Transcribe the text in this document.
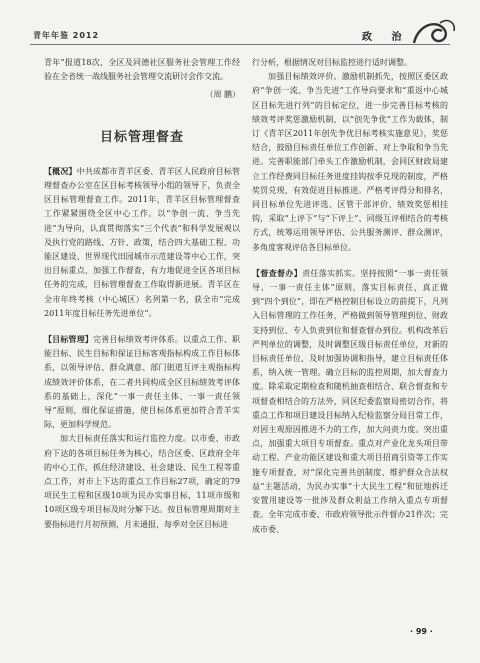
青年年鉴 2012	政 治

青年”报道18次，全区及同德社区服务社会管理工作经验在全省统一战线服务社会管理交流研讨会作交流。

（周 鹏）

目标管理督查

【概况】中共成都市青羊区委、青羊区人民政府目标管理督查办公室在区目标考核领导小组的领导下，负责全区目标管理督查工作。2011年，青羊区目标管理督查工作紧紧围绕全区中心工作，以“争创一流、争当先进”为导向，认真贯彻落实“三个代表”和科学发展观以及执行党的路线、方针、政策，结合四大基础工程、功能区建设、世界现代田园城市示范建设等中心工作，突出目标重点，加强工作督查，有力地促进全区各项目标任务的完成，目标管理督查工作取得新进展。青羊区在全市年终考核（中心城区）名列第一名，获全市“完成2011年度目标任务先进单位”。

【目标管理】完善目标绩效考评体系。以重点工作、职能目标、民生目标和保证目标客观指标构成工作目标体系，以领导评估、群众满意、部门街道互评主观指标构成绩效评价体系，在二者共同构成全区目标绩效考评体系的基础上，深化“一事一责任主体、一事一责任领导”原则，细化保证措施，使目标体系更加符合青羊实际，更加科学规范。

加大目标责任落实和运行监控力度。以市委、市政府下达的各项目标任务为核心，结合区委、区政府全年的中心工作，抓住经济建设、社会建设、民生工程等重点工作，对市上下达的重点工作目标27项，确定的79项民生工程和区级10项为民办实事目标，11项市级和10项区级专项目标及时分解下达。按目标管理周期对主要指标进行月初预测，月末通报，每季对全区目标进

行分析，根据情况对目标监控进行适时调整。

加强目标绩效评价。激励机制抓先，按照区委区政府“争创一流、争当先进”工作导向要求和“重返中心城区目标先进行列”的目标定位，进一步完善目标考核的绩效考评奖惩激励机制，以“创先争优”工作为载体，制订《青羊区2011年创先争优目标考核实施意见》，奖惩结合，鼓励目标责任单位工作创新、对上争取和争当先进。完善职能部门牵头工作激励机制，会同区财政局建立工作经费同目标任务进度挂钩按季兑现的制度，严格奖罚兑现，有效促进目标推进。严格考评得分和排名，同目标单位先进评选、区管干部评价、绩效奖惩相挂钩，采取“上评下”与“下评上”、同级互评相结合的考核方式，统筹运用领导评估、公共服务测评、群众测评，多角度客观评估各目标单位。

【督查督办】责任落实抓实。坚持按照“一事一责任领导、一事一责任主体”原则，落实目标责任，真正做到“四个到位”，即在严格控制目标设立的前提下，凡列入目标管理的工作任务，严格做到领导管理到位、财政支持到位、专人负责到位和督查督办到位。机构改革后严判单位的调整，及时调整区级目标责任单位，对新的目标责任单位，及时加强协调和指导，建立目标责任体系，纳入统一管理。确立目标的监控周期，加大督查力度。除采取定期检查和随机抽查相结合、联合督查和专项督查相结合的方法外，同区纪委监察局密切合作，将重点工作和项目建设目标纳入纪检监察分局目常工作，对因主观原因推进不力的工作，加大问责力度。突出重点，加强重大项目专项督查。重点对产业化龙头项目带动工程、产业功能区建设和重大项目招商引资等工作实施专项督查，对“深化完善共创制度、维护群众合法权益”主题活动，为民办实事“十大民生工程”和征地拆迁安置用建设等一批涉及群众利益工作纳入重点专项督查。全年完成市委、市政府领导批示件督办21件次；完成市委、

· 99 ·
